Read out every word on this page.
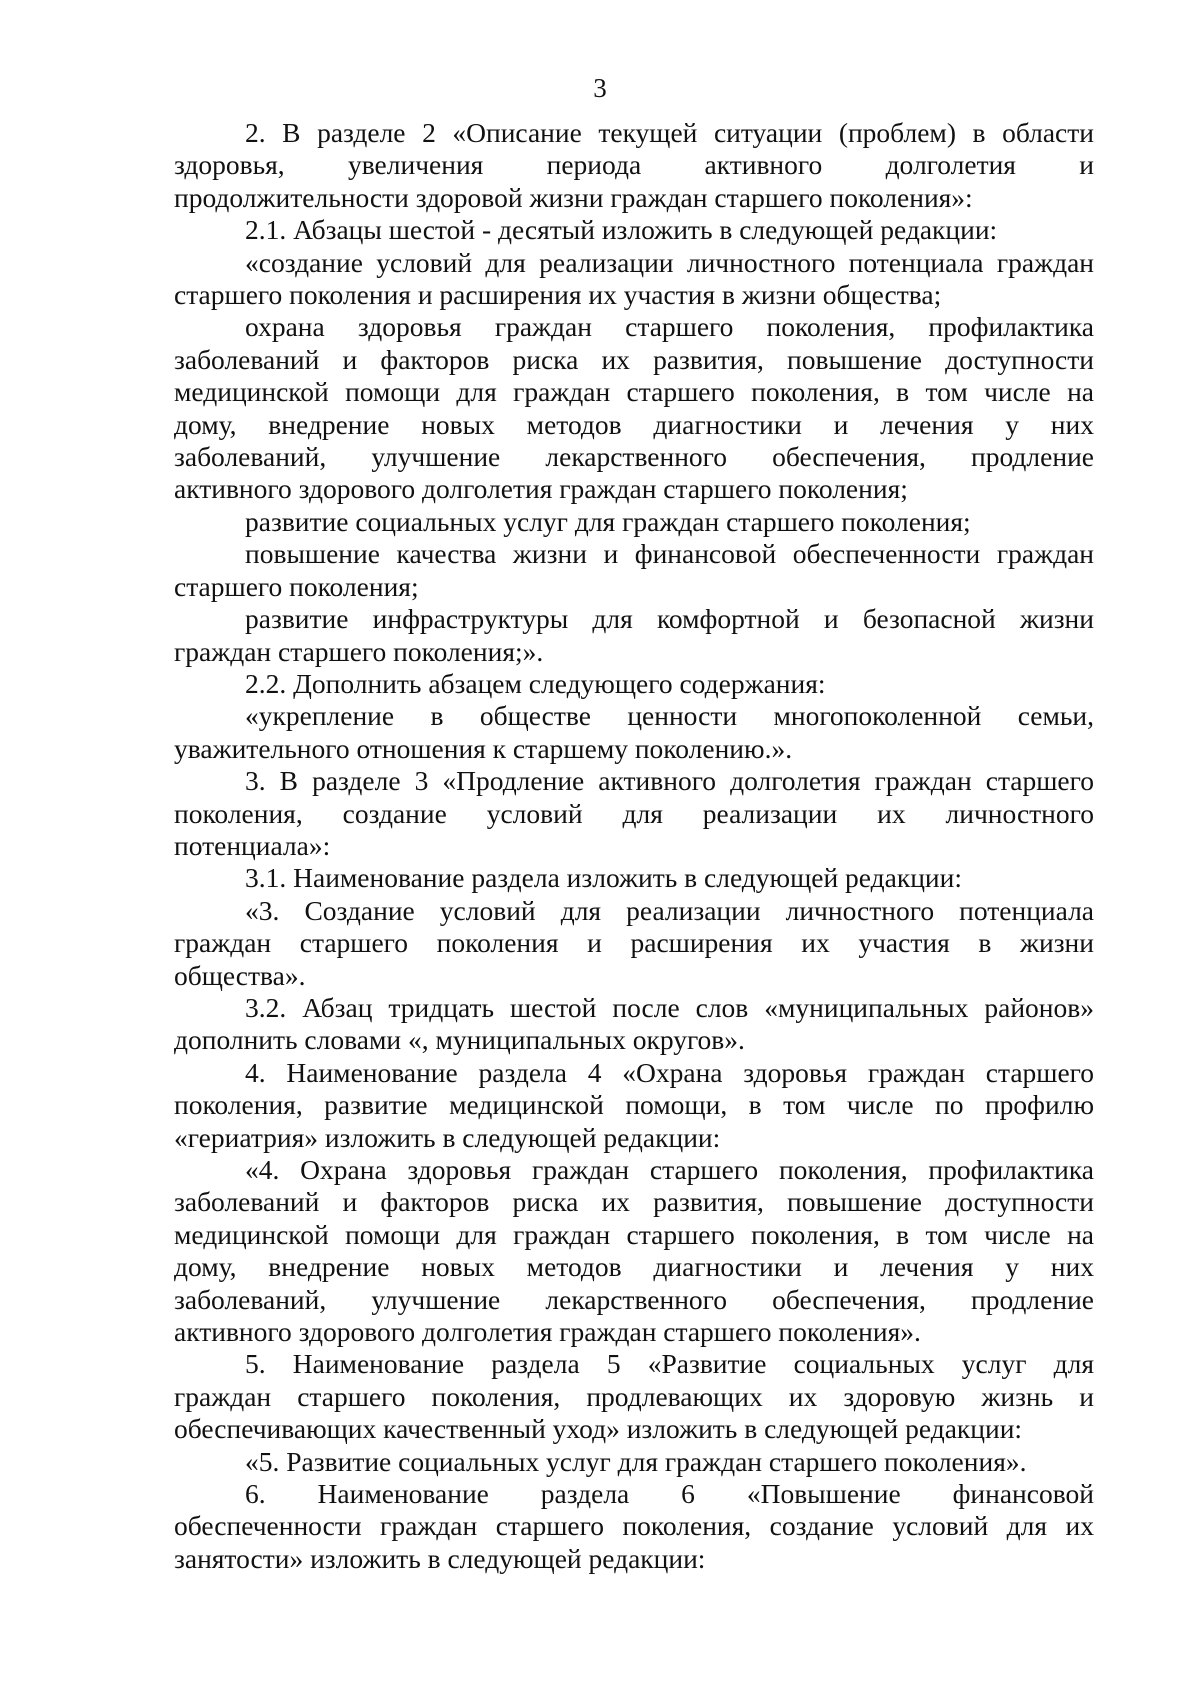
3
2. В разделе 2 «Описание текущей ситуации (проблем) в области
здоровья, увеличения периода активного долголетия и
продолжительности здоровой жизни граждан старшего поколения»:
2.1. Абзацы шестой - десятый изложить в следующей редакции:
«создание условий для реализации личностного потенциала граждан
старшего поколения и расширения их участия в жизни общества;
охрана здоровья граждан старшего поколения, профилактика
заболеваний и факторов риска их развития, повышение доступности
медицинской помощи для граждан старшего поколения, в том числе на
дому, внедрение новых методов диагностики и лечения у них
заболеваний, улучшение лекарственного обеспечения, продление
активного здорового долголетия граждан старшего поколения;
развитие социальных услуг для граждан старшего поколения;
повышение качества жизни и финансовой обеспеченности граждан
старшего поколения;
развитие инфраструктуры для комфортной и безопасной жизни
граждан старшего поколения;».
2.2. Дополнить абзацем следующего содержания:
«укрепление в обществе ценности многопоколенной семьи,
уважительного отношения к старшему поколению.».
3. В разделе 3 «Продление активного долголетия граждан старшего
поколения, создание условий для реализации их личностного
потенциала»:
3.1. Наименование раздела изложить в следующей редакции:
«3. Создание условий для реализации личностного потенциала
граждан старшего поколения и расширения их участия в жизни
общества».
3.2. Абзац тридцать шестой после слов «муниципальных районов»
дополнить словами «, муниципальных округов».
4. Наименование раздела 4 «Охрана здоровья граждан старшего
поколения, развитие медицинской помощи, в том числе по профилю
«гериатрия» изложить в следующей редакции:
«4. Охрана здоровья граждан старшего поколения, профилактика
заболеваний и факторов риска их развития, повышение доступности
медицинской помощи для граждан старшего поколения, в том числе на
дому, внедрение новых методов диагностики и лечения у них
заболеваний, улучшение лекарственного обеспечения, продление
активного здорового долголетия граждан старшего поколения».
5. Наименование раздела 5 «Развитие социальных услуг для
граждан старшего поколения, продлевающих их здоровую жизнь и
обеспечивающих качественный уход» изложить в следующей редакции:
«5. Развитие социальных услуг для граждан старшего поколения».
6. Наименование раздела 6 «Повышение финансовой
обеспеченности граждан старшего поколения, создание условий для их
занятости» изложить в следующей редакции:
